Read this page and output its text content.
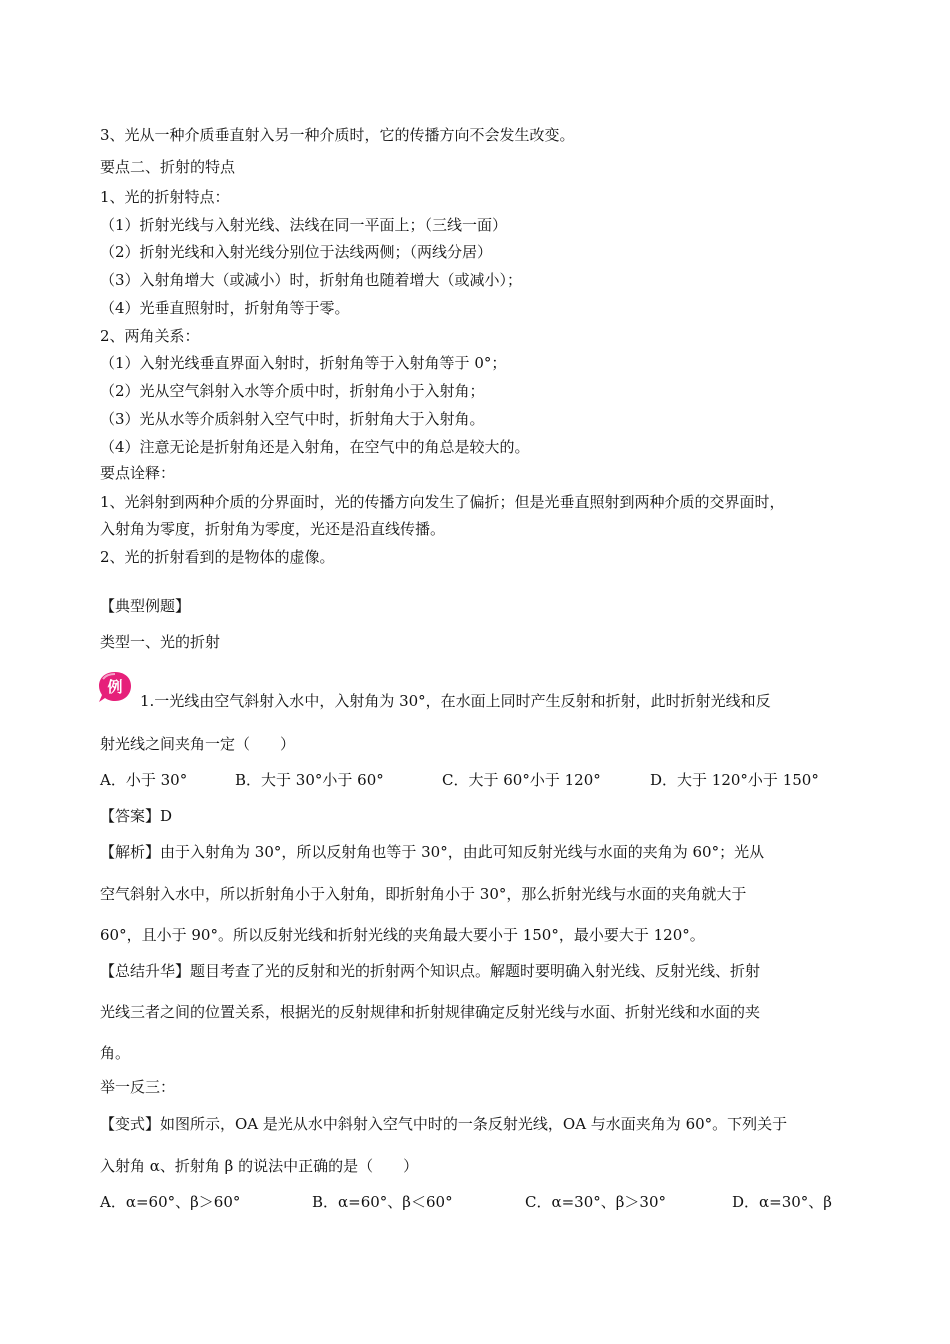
3、光从一种介质垂直射入另一种介质时，它的传播方向不会发生改变。
要点二、折射的特点
1、光的折射特点：
（1）折射光线与入射光线、法线在同一平面上；（三线一面）
（2）折射光线和入射光线分别位于法线两侧；（两线分居）
（3）入射角增大（或减小）时，折射角也随着增大（或减小）；
（4）光垂直照射时，折射角等于零。
2、两角关系：
（1）入射光线垂直界面入射时，折射角等于入射角等于 0°；
（2）光从空气斜射入水等介质中时，折射角小于入射角；
（3）光从水等介质斜射入空气中时，折射角大于入射角。
（4）注意无论是折射角还是入射角，在空气中的角总是较大的。
要点诠释：
1、光斜射到两种介质的分界面时，光的传播方向发生了偏折；但是光垂直照射到两种介质的交界面时，
入射角为零度，折射角为零度，光还是沿直线传播。
2、光的折射看到的是物体的虚像。
【典型例题】
类型一、光的折射
例
1.一光线由空气斜射入水中，入射角为 30°，在水面上同时产生反射和折射，此时折射光线和反
射光线之间夹角一定（　　）
A．小于 30°	B．大于 30°小于 60°	C．大于 60°小于 120°	D．大于 120°小于 150°
【答案】D
【解析】由于入射角为 30°，所以反射角也等于 30°，由此可知反射光线与水面的夹角为 60°；光从
空气斜射入水中，所以折射角小于入射角，即折射角小于 30°，那么折射光线与水面的夹角就大于
60°，且小于 90°。所以反射光线和折射光线的夹角最大要小于 150°，最小要大于 120°。
【总结升华】题目考查了光的反射和光的折射两个知识点。解题时要明确入射光线、反射光线、折射
光线三者之间的位置关系，根据光的反射规律和折射规律确定反射光线与水面、折射光线和水面的夹
角。
举一反三：
【变式】如图所示，OA 是光从水中斜射入空气中时的一条反射光线，OA 与水面夹角为 60°。下列关于
入射角 α、折射角 β 的说法中正确的是（　　）
A．α=60°、β＞60°	B．α=60°、β＜60°	C．α=30°、β＞30°	D．α=30°、β
